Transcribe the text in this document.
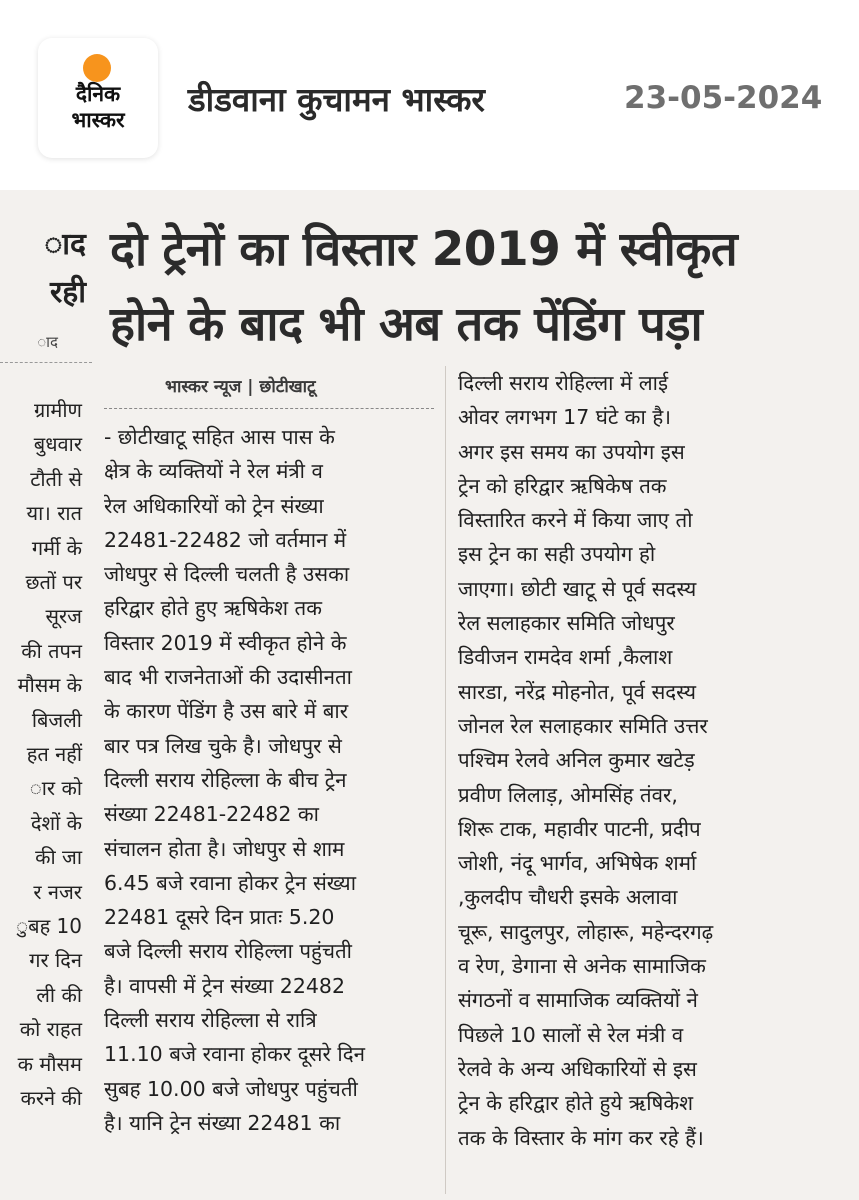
दैनिक
भास्कर
डीडवाना कुचामन भास्कर	23-05-2024
ाद
रही
ाद
ग्रामीण
बुधवार
टौती से
या। रात
गर्मी के
छतों पर
सूरज
की तपन
मौसम के
बिजली
हत नहीं
ार को
देशों के
की जा
र नजर
ुबह 10
गर दिन
ली की
को राहत
क मौसम
करने की
दो ट्रेनों का विस्तार 2019 में स्वीकृत
होने के बाद भी अब तक पेंडिंग पड़ा
भास्कर न्यूज | छोटीखाटू
- छोटीखाटू सहित आस पास के
क्षेत्र के व्यक्तियों ने रेल मंत्री व
रेल अधिकारियों को ट्रेन संख्या
22481-22482 जो वर्तमान में
जोधपुर से दिल्ली चलती है उसका
हरिद्वार होते हुए ऋषिकेश तक
विस्तार 2019 में स्वीकृत होने के
बाद भी राजनेताओं की उदासीनता
के कारण पेंडिंग है उस बारे में बार
बार पत्र लिख चुके है। जोधपुर से
दिल्ली सराय रोहिल्ला के बीच ट्रेन
संख्या 22481-22482 का
संचालन होता है। जोधपुर से शाम
6.45 बजे रवाना होकर ट्रेन संख्या
22481 दूसरे दिन प्रातः 5.20
बजे दिल्ली सराय रोहिल्ला पहुंचती
है। वापसी में ट्रेन संख्या 22482
दिल्ली सराय रोहिल्ला से रात्रि
11.10 बजे रवाना होकर दूसरे दिन
सुबह 10.00 बजे जोधपुर पहुंचती
है। यानि ट्रेन संख्या 22481 का
दिल्ली सराय रोहिल्ला में लाई
ओवर लगभग 17 घंटे का है।
अगर इस समय का उपयोग इस
ट्रेन को हरिद्वार ऋषिकेष तक
विस्तारित करने में किया जाए तो
इस ट्रेन का सही उपयोग हो
जाएगा। छोटी खाटू से पूर्व सदस्य
रेल सलाहकार समिति जोधपुर
डिवीजन रामदेव शर्मा ,कैलाश
सारडा, नरेंद्र मोहनोत, पूर्व सदस्य
जोनल रेल सलाहकार समिति उत्तर
पश्चिम रेलवे अनिल कुमार खटेड़
प्रवीण लिलाड़, ओमसिंह तंवर,
शिरू टाक, महावीर पाटनी, प्रदीप
जोशी, नंदू भार्गव, अभिषेक शर्मा
,कुलदीप चौधरी इसके अलावा
चूरू, सादुलपुर, लोहारू, महेन्दरगढ़
व रेण, डेगाना से अनेक सामाजिक
संगठनों व सामाजिक व्यक्तियों ने
पिछले 10 सालों से रेल मंत्री व
रेलवे के अन्य अधिकारियों से इस
ट्रेन के हरिद्वार होते हुये ऋषिकेश
तक के विस्तार के मांग कर रहे हैं।
